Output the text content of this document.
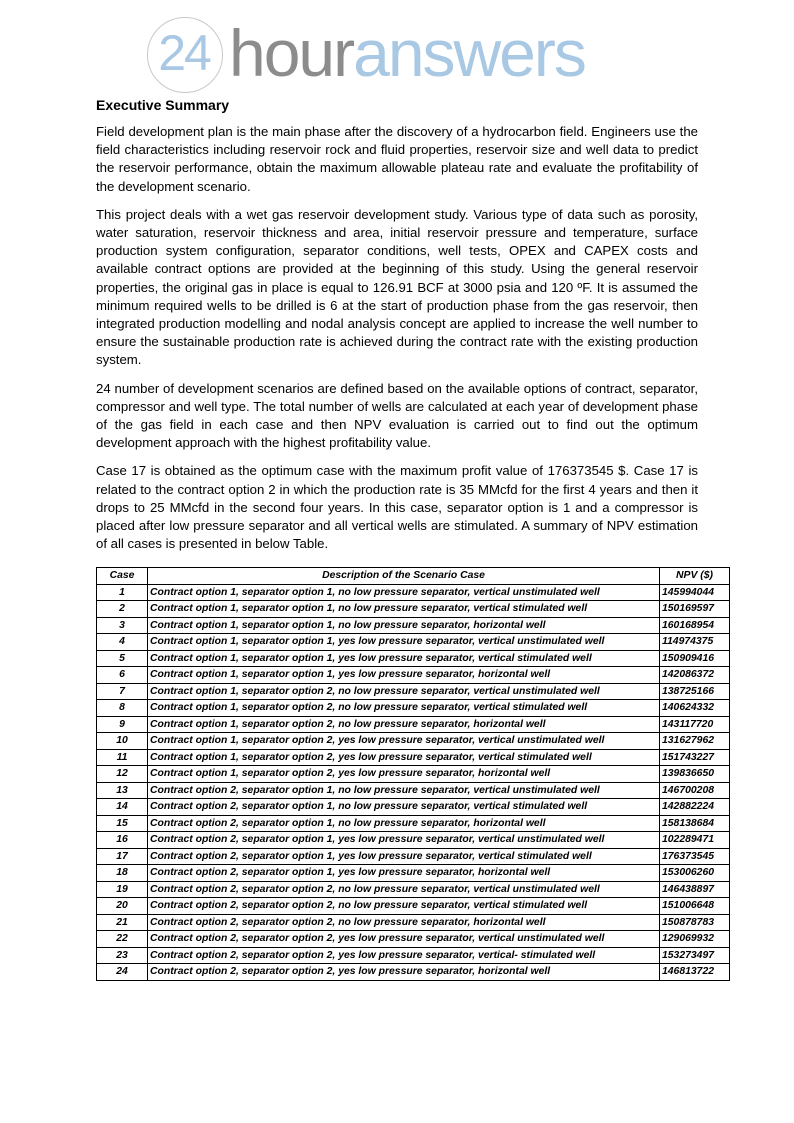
24 houranswers
Executive Summary

Field development plan is the main phase after the discovery of a hydrocarbon field. Engineers use the field characteristics including reservoir rock and fluid properties, reservoir size and well data to predict the reservoir performance, obtain the maximum allowable plateau rate and evaluate the profitability of the development scenario.

This project deals with a wet gas reservoir development study. Various type of data such as porosity, water saturation, reservoir thickness and area, initial reservoir pressure and temperature, surface production system configuration, separator conditions, well tests, OPEX and CAPEX costs and available contract options are provided at the beginning of this study. Using the general reservoir properties, the original gas in place is equal to 126.91 BCF at 3000 psia and 120 ºF. It is assumed the minimum required wells to be drilled is 6 at the start of production phase from the gas reservoir, then integrated production modelling and nodal analysis concept are applied to increase the well number to ensure the sustainable production rate is achieved during the contract rate with the existing production system.

24 number of development scenarios are defined based on the available options of contract, separator, compressor and well type. The total number of wells are calculated at each year of development phase of the gas field in each case and then NPV evaluation is carried out to find out the optimum development approach with the highest profitability value.

Case 17 is obtained as the optimum case with the maximum profit value of 176373545 $. Case 17 is related to the contract option 2 in which the production rate is 35 MMcfd for the first 4 years and then it drops to 25 MMcfd in the second four years. In this case, separator option is 1 and a compressor is placed after low pressure separator and all vertical wells are stimulated. A summary of NPV estimation of all cases is presented in below Table.

Case	Description of the Scenario Case	NPV ($)
1	Contract option 1, separator option 1, no low pressure separator, vertical unstimulated well	145994044
2	Contract option 1, separator option 1, no low pressure separator, vertical stimulated well	150169597
3	Contract option 1, separator option 1, no low pressure separator, horizontal well	160168954
4	Contract option 1, separator option 1, yes low pressure separator, vertical unstimulated well	114974375
5	Contract option 1, separator option 1, yes low pressure separator, vertical stimulated well	150909416
6	Contract option 1, separator option 1, yes low pressure separator, horizontal well	142086372
7	Contract option 1, separator option 2, no low pressure separator, vertical unstimulated well	138725166
8	Contract option 1, separator option 2, no low pressure separator, vertical stimulated well	140624332
9	Contract option 1, separator option 2, no low pressure separator, horizontal well	143117720
10	Contract option 1, separator option 2, yes low pressure separator, vertical unstimulated well	131627962
11	Contract option 1, separator option 2, yes low pressure separator, vertical stimulated well	151743227
12	Contract option 1, separator option 2, yes low pressure separator, horizontal well	139836650
13	Contract option 2, separator option 1, no low pressure separator, vertical unstimulated well	146700208
14	Contract option 2, separator option 1, no low pressure separator, vertical stimulated well	142882224
15	Contract option 2, separator option 1, no low pressure separator, horizontal well	158138684
16	Contract option 2, separator option 1, yes low pressure separator, vertical unstimulated well	102289471
17	Contract option 2, separator option 1, yes low pressure separator, vertical stimulated well	176373545
18	Contract option 2, separator option 1, yes low pressure separator, horizontal well	153006260
19	Contract option 2, separator option 2, no low pressure separator, vertical unstimulated well	146438897
20	Contract option 2, separator option 2, no low pressure separator, vertical stimulated well	151006648
21	Contract option 2, separator option 2, no low pressure separator, horizontal well	150878783
22	Contract option 2, separator option 2, yes low pressure separator, vertical unstimulated well	129069932
23	Contract option 2, separator option 2, yes low pressure separator, vertical- stimulated well	153273497
24	Contract option 2, separator option 2, yes low pressure separator, horizontal well	146813722
